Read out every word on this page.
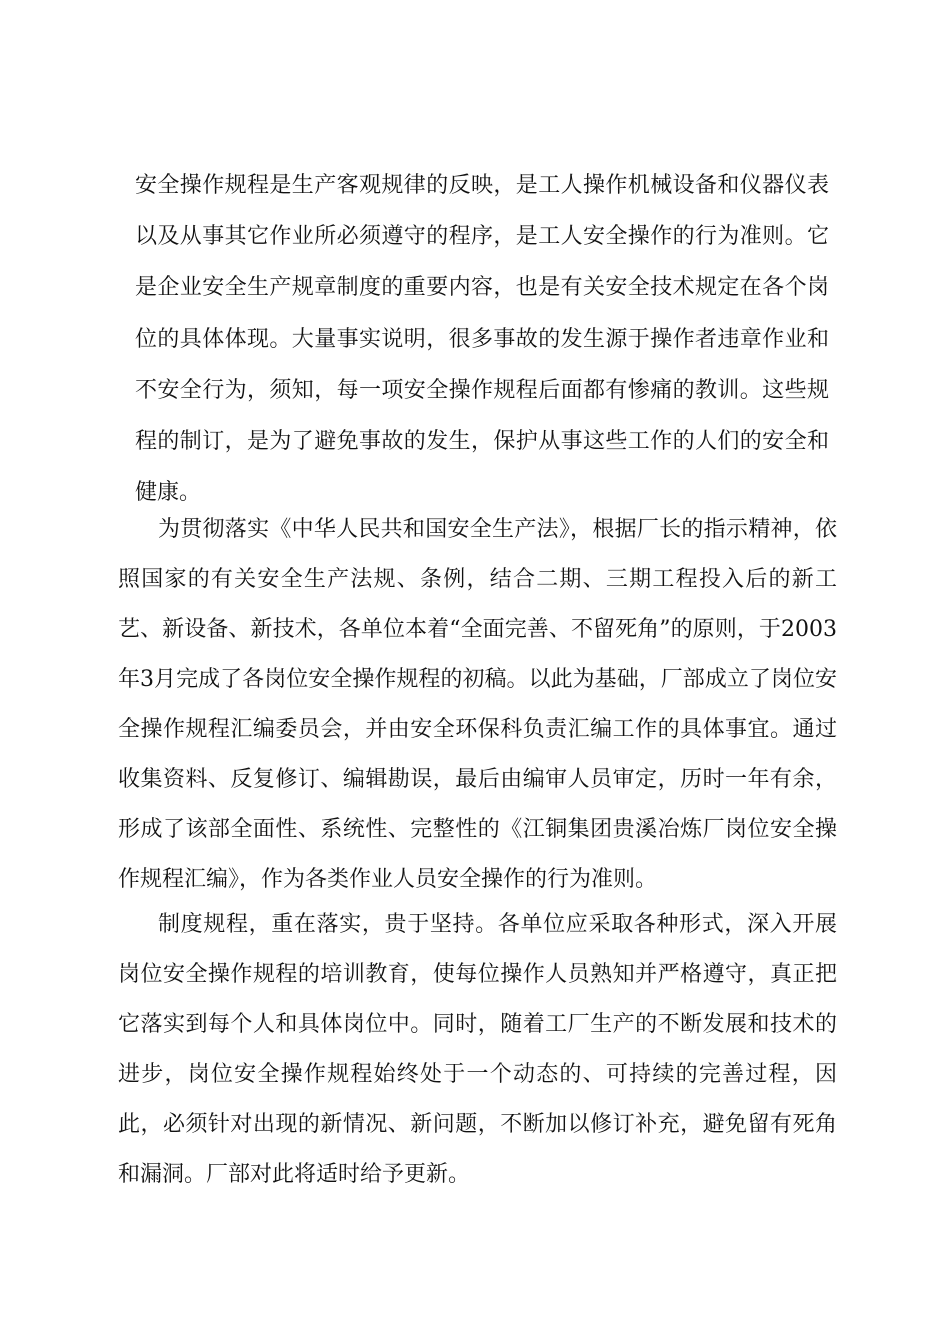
安全操作规程是生产客观规律的反映，是工人操作机械设备和仪器仪表以及从事其它作业所必须遵守的程序，是工人安全操作的行为准则。它是企业安全生产规章制度的重要内容，也是有关安全技术规定在各个岗位的具体体现。大量事实说明，很多事故的发生源于操作者违章作业和不安全行为，须知，每一项安全操作规程后面都有惨痛的教训。这些规程的制订，是为了避免事故的发生，保护从事这些工作的人们的安全和健康。

为贯彻落实《中华人民共和国安全生产法》，根据厂长的指示精神，依照国家的有关安全生产法规、条例，结合二期、三期工程投入后的新工艺、新设备、新技术，各单位本着“全面完善、不留死角”的原则，于2003年3月完成了各岗位安全操作规程的初稿。以此为基础，厂部成立了岗位安全操作规程汇编委员会，并由安全环保科负责汇编工作的具体事宜。通过收集资料、反复修订、编辑勘误，最后由编审人员审定，历时一年有余，形成了该部全面性、系统性、完整性的《江铜集团贵溪冶炼厂岗位安全操作规程汇编》，作为各类作业人员安全操作的行为准则。

制度规程，重在落实，贵于坚持。各单位应采取各种形式，深入开展岗位安全操作规程的培训教育，使每位操作人员熟知并严格遵守，真正把它落实到每个人和具体岗位中。同时，随着工厂生产的不断发展和技术的进步，岗位安全操作规程始终处于一个动态的、可持续的完善过程，因此，必须针对出现的新情况、新问题，不断加以修订补充，避免留有死角和漏洞。厂部对此将适时给予更新。
